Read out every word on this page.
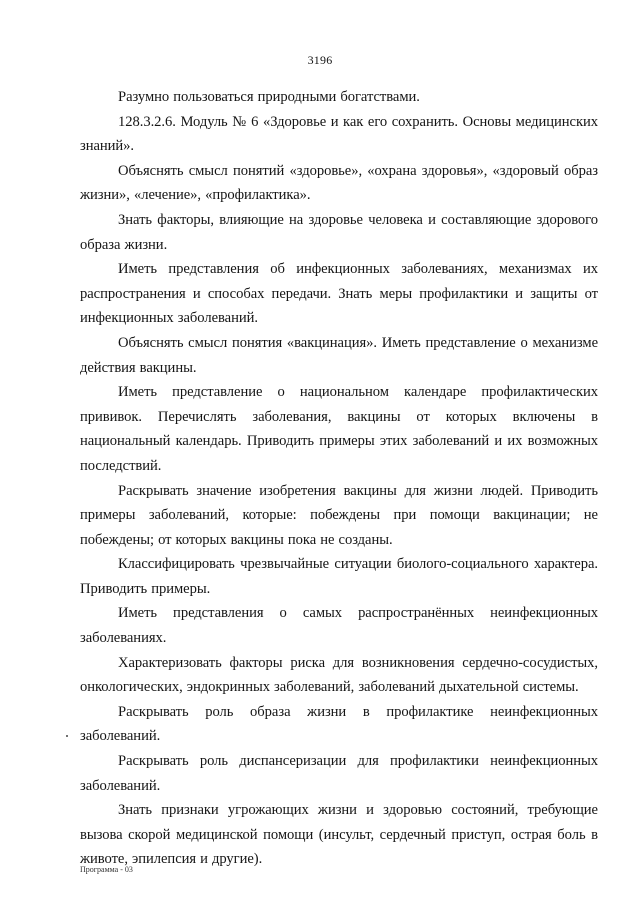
3196

Разумно пользоваться природными богатствами.

128.3.2.6. Модуль № 6 «Здоровье и как его сохранить. Основы медицинских знаний».

Объяснять смысл понятий «здоровье», «охрана здоровья», «здоровый образ жизни», «лечение», «профилактика».

Знать факторы, влияющие на здоровье человека и составляющие здорового образа жизни.

Иметь представления об инфекционных заболеваниях, механизмах их распространения и способах передачи. Знать меры профилактики и защиты от инфекционных заболеваний.

Объяснять смысл понятия «вакцинация». Иметь представление о механизме действия вакцины.

Иметь представление о национальном календаре профилактических прививок. Перечислять заболевания, вакцины от которых включены в национальный календарь. Приводить примеры этих заболеваний и их возможных последствий.

Раскрывать значение изобретения вакцины для жизни людей. Приводить примеры заболеваний, которые: побеждены при помощи вакцинации; не побеждены; от которых вакцины пока не созданы.

Классифицировать чрезвычайные ситуации биолого-социального характера. Приводить примеры.

Иметь представления о самых распространённых неинфекционных заболеваниях.

Характеризовать факторы риска для возникновения сердечно-сосудистых, онкологических, эндокринных заболеваний, заболеваний дыхательной системы.

Раскрывать роль образа жизни в профилактике неинфекционных заболеваний.

Раскрывать роль диспансеризации для профилактики неинфекционных заболеваний.

Знать признаки угрожающих жизни и здоровью состояний, требующие вызова скорой медицинской помощи (инсульт, сердечный приступ, острая боль в животе, эпилепсия и другие).

Программа - 03
